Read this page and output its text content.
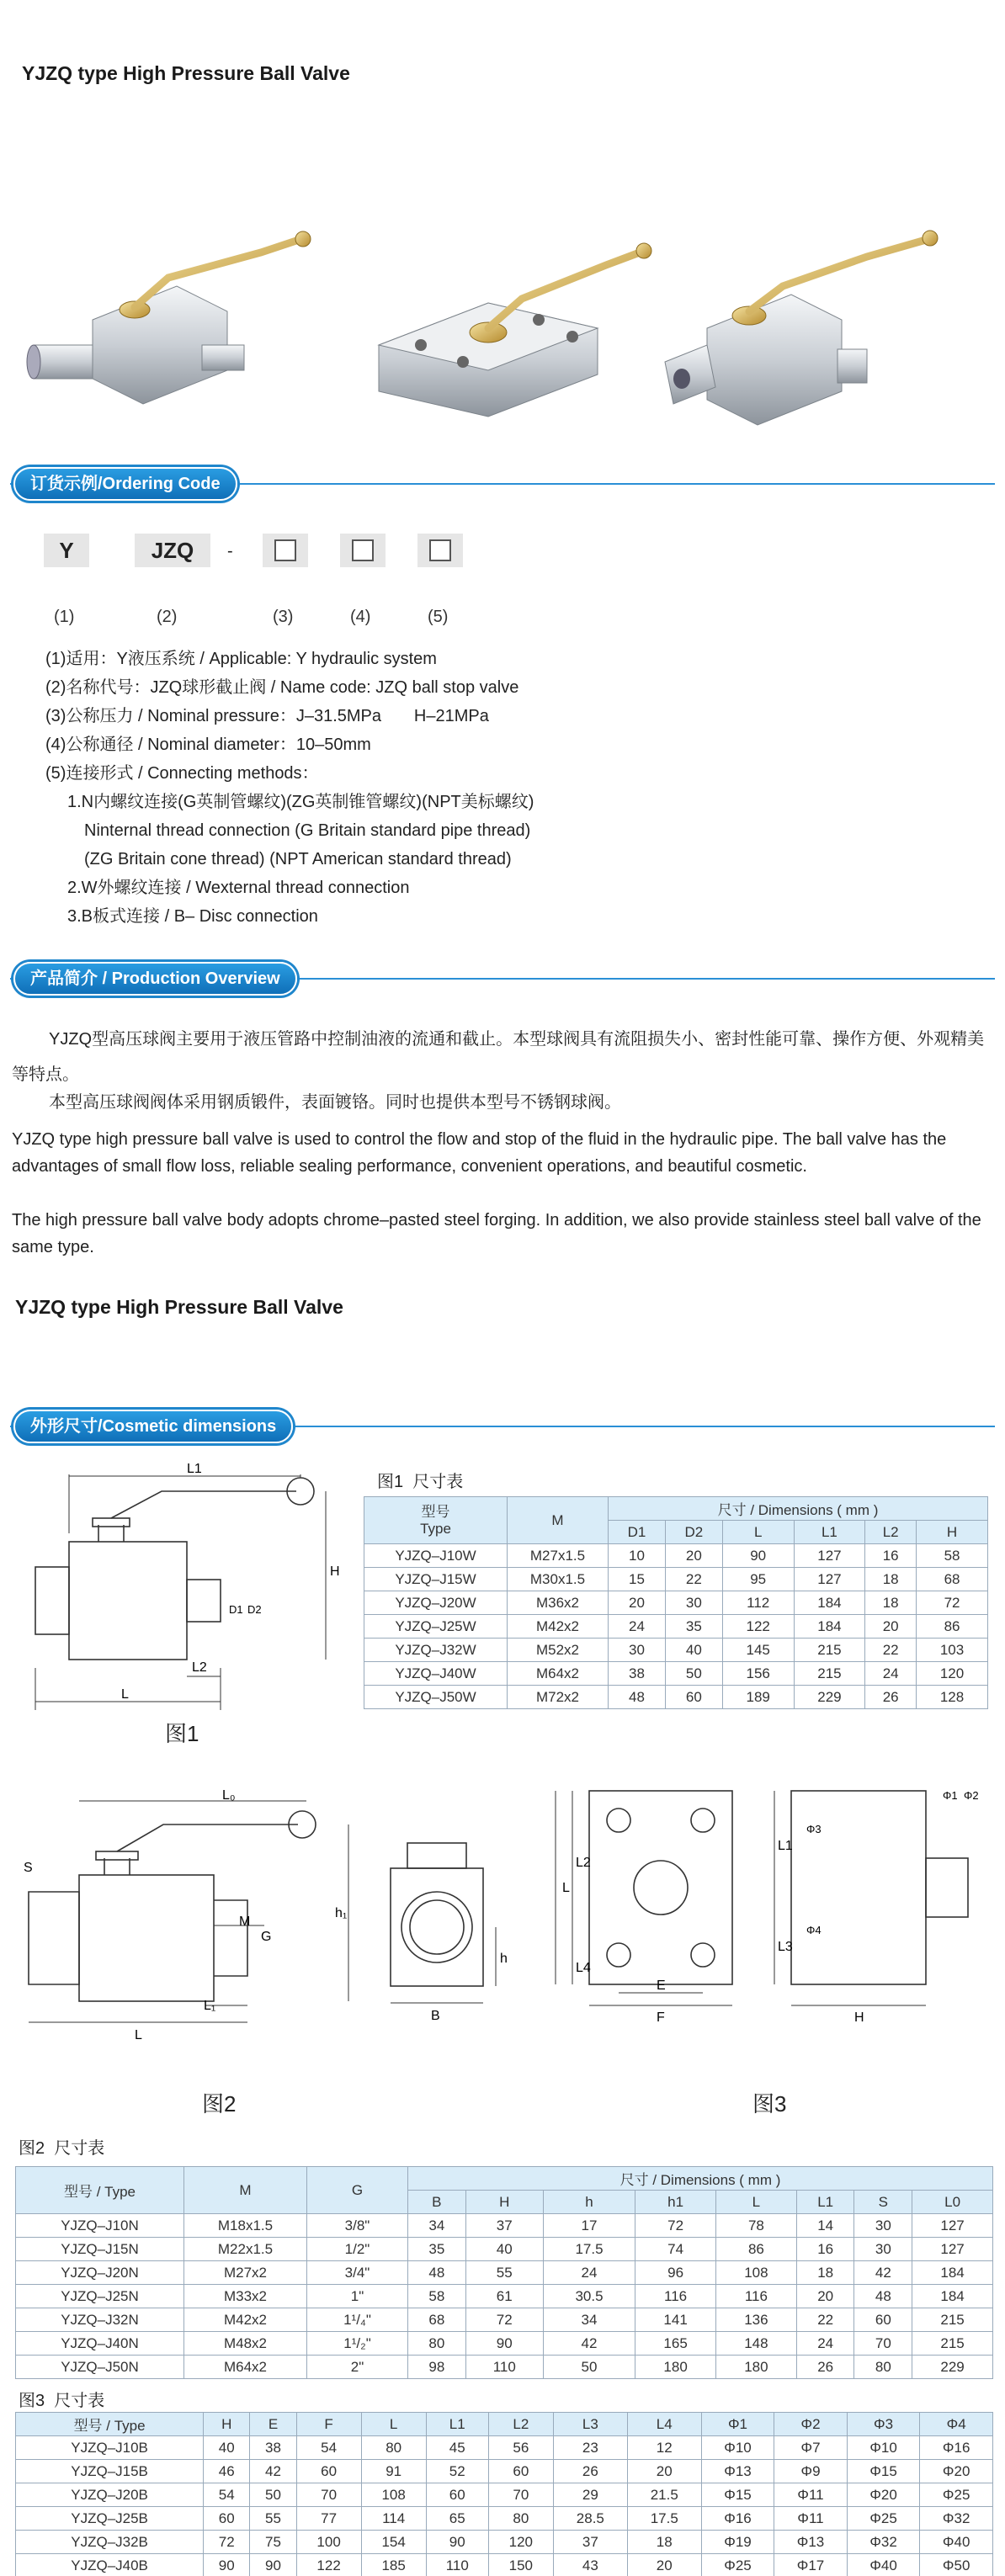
YJZQ type High Pressure Ball Valve
订货示例/Ordering Code
Y	JZQ	-
(1)	(2)	(3)	(4)	(5)
(1)适用：Y液压系统 / Applicable: Y hydraulic system
(2)名称代号：JZQ球形截止阀 / Name code: JZQ ball stop valve
(3)公称压力 / Nominal pressure：J–31.5MPa       H–21MPa
(4)公称通径 / Nominal diameter：10–50mm
(5)连接形式 / Connecting methods：
1.N内螺纹连接(G英制管螺纹)(ZG英制锥管螺纹)(NPT美标螺纹)
Ninternal thread connection (G Britain standard pipe thread)
(ZG Britain cone thread) (NPT American standard thread)
2.W外螺纹连接 / Wexternal thread connection
3.B板式连接 / B– Disc connection
产品简介 / Production Overview
YJZQ型高压球阀主要用于液压管路中控制油液的流通和截止。本型球阀具有流阻损失小、密封性能可靠、操作方便、外观精美等特点。
本型高压球阀阀体采用钢质锻件，表面镀铬。同时也提供本型号不锈钢球阀。
YJZQ type high pressure ball valve is used to control the flow and stop of the fluid in the hydraulic pipe. The ball valve has the advantages of small flow loss, reliable sealing performance, convenient operations, and beautiful cosmetic.
The high pressure ball valve body adopts chrome–pasted steel forging. In addition, we also provide stainless steel ball valve of the same type.
YJZQ type High Pressure Ball Valve
外形尺寸/Cosmetic dimensions
L1
H
L
L2
D1 D2
图1
图1  尺寸表
型号
Type	M	尺寸 / Dimensions ( mm )					
		D1	D2	L	L1	L2	H
YJZQ–J10W	M27x1.5	10	20	90	127	16	58
YJZQ–J15W	M30x1.5	15	22	95	127	18	68
YJZQ–J20W	M36x2	20	30	112	184	18	72
YJZQ–J25W	M42x2	24	35	122	184	20	86
YJZQ–J32W	M52x2	30	40	145	215	22	103
YJZQ–J40W	M64x2	38	50	156	215	24	120
YJZQ–J50W	M72x2	48	60	189	229	26	128
L₀
S
M
G
h₁
L
L₁
B
h
图2
L
L2
L4
E
F
L1
L3
H
Φ1 Φ2
Φ3
Φ4
图3
图2  尺寸表
型号 / Type	M	G	尺寸 / Dimensions ( mm )							
			B	H	h	h1	L	L1	S	L0
YJZQ–J10N	M18x1.5	3/8"	34	37	17	72	78	14	30	127
YJZQ–J15N	M22x1.5	1/2"	35	40	17.5	74	86	16	30	127
YJZQ–J20N	M27x2	3/4"	48	55	24	96	108	18	42	184
YJZQ–J25N	M33x2	1"	58	61	30.5	116	116	20	48	184
YJZQ–J32N	M42x2	1¹/₄"	68	72	34	141	136	22	60	215
YJZQ–J40N	M48x2	1¹/₂"	80	90	42	165	148	24	70	215
YJZQ–J50N	M64x2	2"	98	110	50	180	180	26	80	229
图3  尺寸表
型号 / Type	H	E	F	L	L1	L2	L3	L4	Φ1	Φ2	Φ3	Φ4
YJZQ–J10B	40	38	54	80	45	56	23	12	Φ10	Φ7	Φ10	Φ16
YJZQ–J15B	46	42	60	91	52	60	26	20	Φ13	Φ9	Φ15	Φ20
YJZQ–J20B	54	50	70	108	60	70	29	21.5	Φ15	Φ11	Φ20	Φ25
YJZQ–J25B	60	55	77	114	65	80	28.5	17.5	Φ16	Φ11	Φ25	Φ32
YJZQ–J32B	72	75	100	154	90	120	37	18	Φ19	Φ13	Φ32	Φ40
YJZQ–J40B	90	90	122	185	110	150	43	20	Φ25	Φ17	Φ40	Φ50
